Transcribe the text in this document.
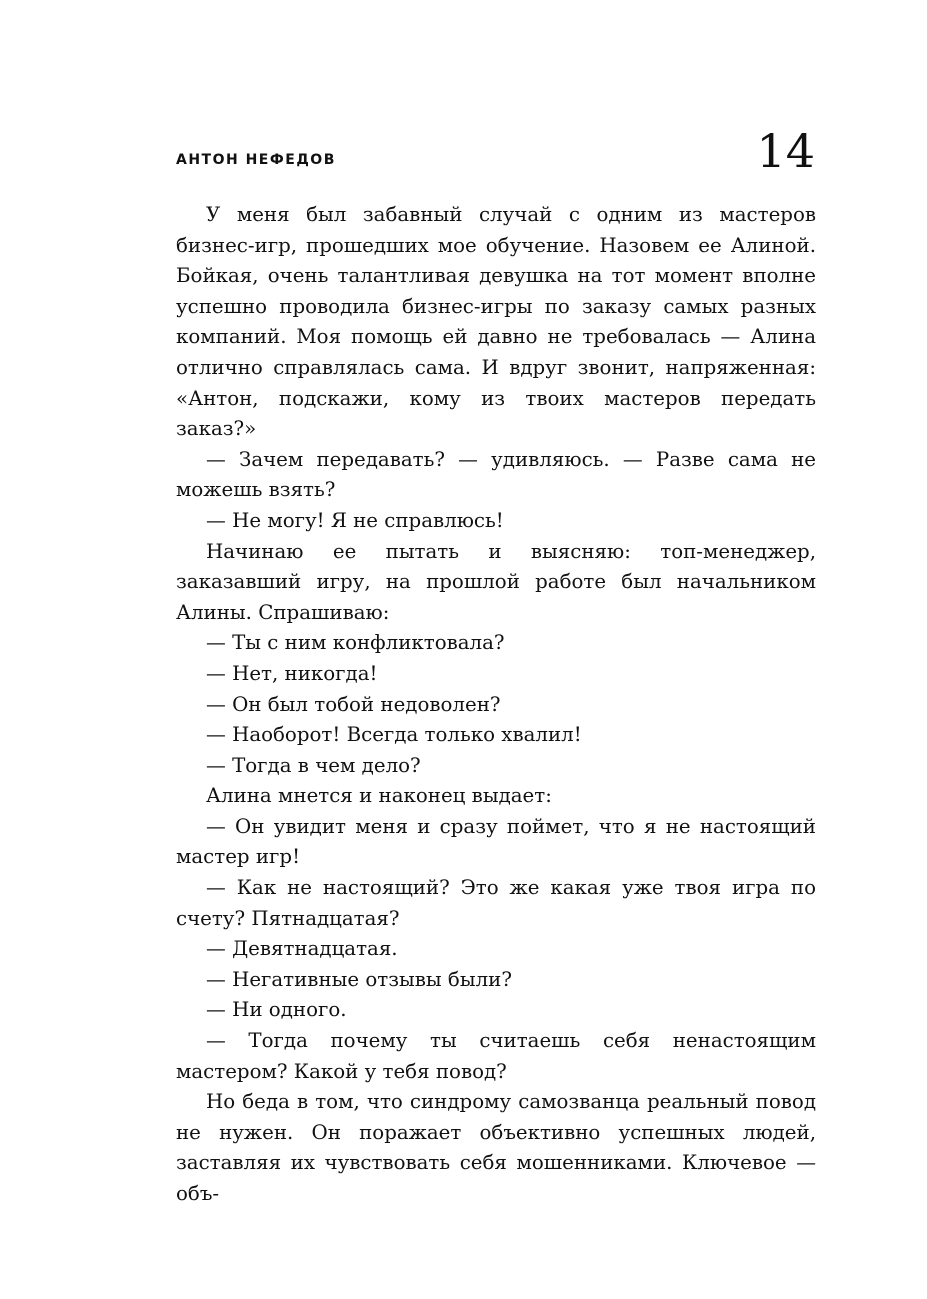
АНТОН НЕФЕДОВ	14

У меня был забавный случай с одним из мастеров бизнес-игр, прошедших мое обучение. Назовем ее Алиной. Бойкая, очень талантливая девушка на тот момент вполне успешно проводила бизнес-игры по заказу самых разных компаний. Моя помощь ей давно не требовалась — Алина отлично справлялась сама. И вдруг звонит, напряженная: «Антон, подскажи, кому из твоих мастеров передать заказ?»

— Зачем передавать? — удивляюсь. — Разве сама не можешь взять?

— Не могу! Я не справлюсь!

Начинаю ее пытать и выясняю: топ-менеджер, заказавший игру, на прошлой работе был начальником Алины. Спрашиваю:

— Ты с ним конфликтовала?

— Нет, никогда!

— Он был тобой недоволен?

— Наоборот! Всегда только хвалил!

— Тогда в чем дело?

Алина мнется и наконец выдает:

— Он увидит меня и сразу поймет, что я не настоящий мастер игр!

— Как не настоящий? Это же какая уже твоя игра по счету? Пятнадцатая?

— Девятнадцатая.

— Негативные отзывы были?

— Ни одного.

— Тогда почему ты считаешь себя ненастоящим мастером? Какой у тебя повод?

Но беда в том, что синдрому самозванца реальный повод не нужен. Он поражает объективно успешных людей, заставляя их чувствовать себя мошенниками. Ключевое — объ-
